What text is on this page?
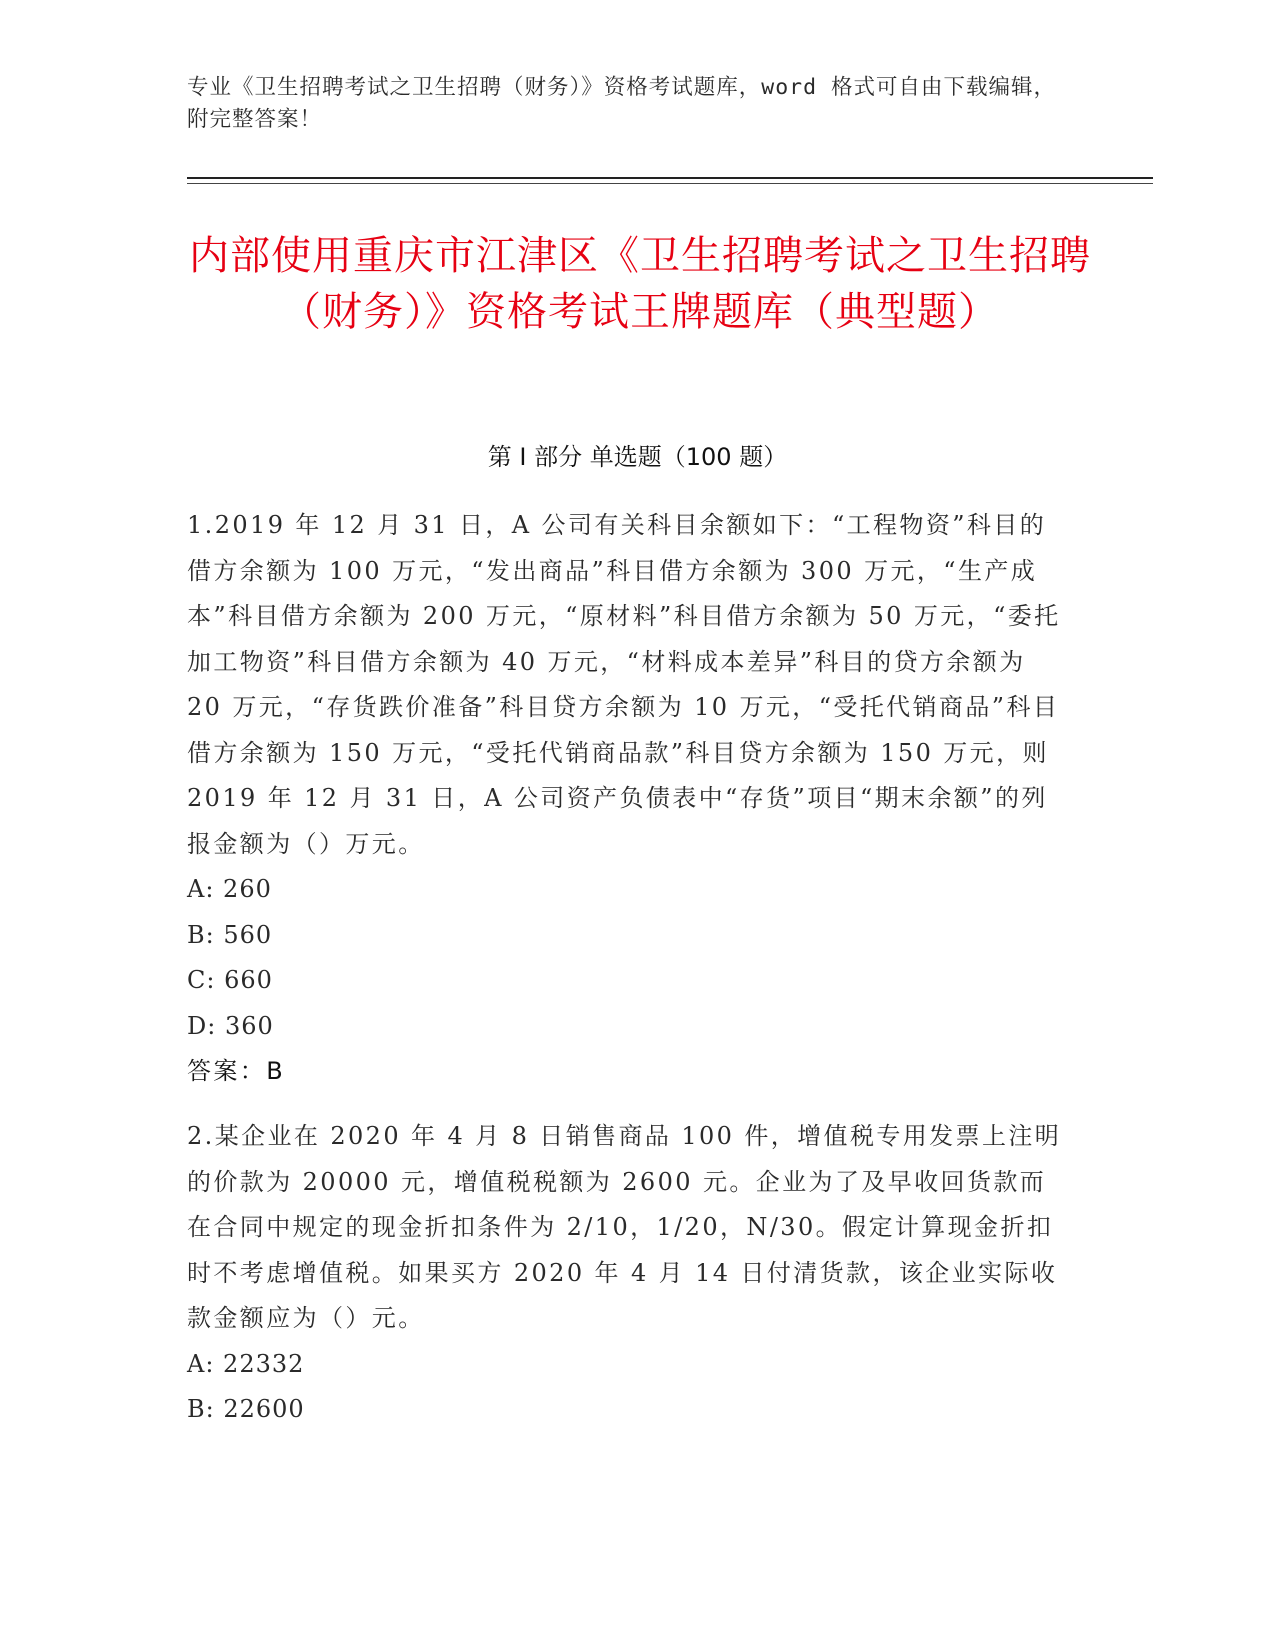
专业《卫生招聘考试之卫生招聘（财务）》资格考试题库，word 格式可自由下载编辑，附完整答案！
内部使用重庆市江津区《卫生招聘考试之卫生招聘（财务）》资格考试王牌题库（典型题）
第 I 部分 单选题（100 题）

1.2019 年 12 月 31 日，A 公司有关科目余额如下：“工程物资”科目的借方余额为 100 万元，“发出商品”科目借方余额为 300 万元，“生产成本”科目借方余额为 200 万元，“原材料”科目借方余额为 50 万元，“委托加工物资”科目借方余额为 40 万元，“材料成本差异”科目的贷方余额为 20 万元，“存货跌价准备”科目贷方余额为 10 万元，“受托代销商品”科目借方余额为 150 万元，“受托代销商品款”科目贷方余额为 150 万元，则 2019 年 12 月 31 日，A 公司资产负债表中“存货”项目“期末余额”的列报金额为（）万元。

A: 260
B: 560
C: 660
D: 360
答案：B

2.某企业在 2020 年 4 月 8 日销售商品 100 件，增值税专用发票上注明的价款为 20000 元，增值税税额为 2600 元。企业为了及早收回货款而在合同中规定的现金折扣条件为 2/10，1/20，N/30。假定计算现金折扣时不考虑增值税。如果买方 2020 年 4 月 14 日付清货款，该企业实际收款金额应为（）元。

A: 22332
B: 22600
